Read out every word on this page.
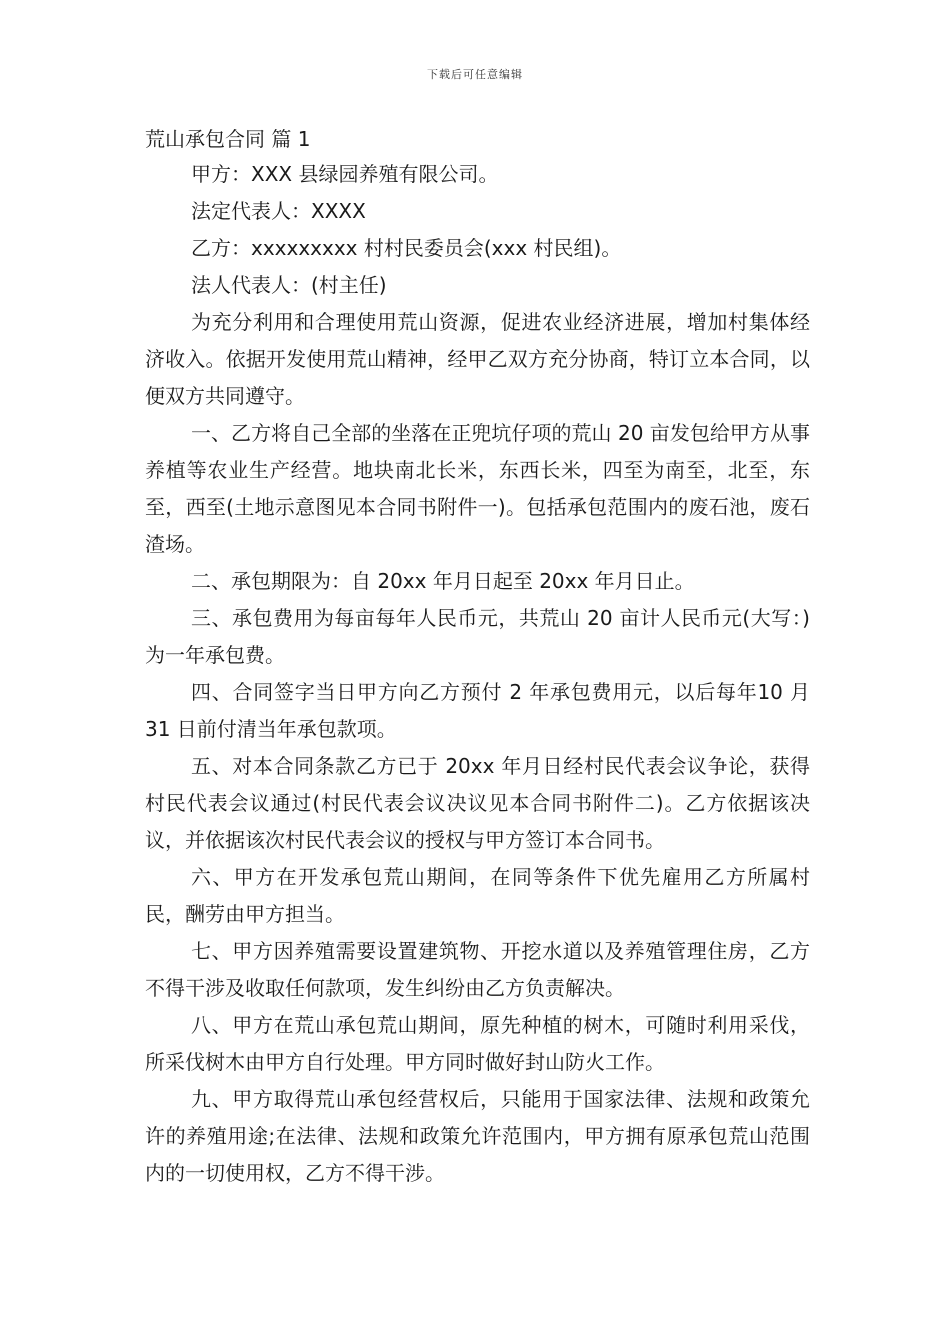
下载后可任意编辑

荒山承包合同 篇 1

甲方：XXX 县绿园养殖有限公司。

法定代表人：XXXX

乙方：xxxxxxxxx 村村民委员会(xxx 村民组)。

法人代表人：(村主任)

为充分利用和合理使用荒山资源，促进农业经济进展，增加村集体经济收入。依据开发使用荒山精神，经甲乙双方充分协商，特订立本合同，以便双方共同遵守。

一、乙方将自己全部的坐落在正兜坑仔项的荒山 20 亩发包给甲方从事养植等农业生产经营。地块南北长米，东西长米，四至为南至，北至，东至，西至(土地示意图见本合同书附件一)。包括承包范围内的废石池，废石渣场。

二、承包期限为：自 20xx 年月日起至 20xx 年月日止。

三、承包费用为每亩每年人民币元，共荒山 20 亩计人民币元(大写：)为一年承包费。

四、合同签字当日甲方向乙方预付 2 年承包费用元，以后每年10 月 31 日前付清当年承包款项。

五、对本合同条款乙方已于 20xx 年月日经村民代表会议争论，获得村民代表会议通过(村民代表会议决议见本合同书附件二)。乙方依据该决议，并依据该次村民代表会议的授权与甲方签订本合同书。

六、甲方在开发承包荒山期间，在同等条件下优先雇用乙方所属村民，酬劳由甲方担当。

七、甲方因养殖需要设置建筑物、开挖水道以及养殖管理住房，乙方不得干涉及收取任何款项，发生纠纷由乙方负责解决。

八、甲方在荒山承包荒山期间，原先种植的树木，可随时利用采伐，所采伐树木由甲方自行处理。甲方同时做好封山防火工作。

九、甲方取得荒山承包经营权后，只能用于国家法律、法规和政策允许的养殖用途;在法律、法规和政策允许范围内，甲方拥有原承包荒山范围内的一切使用权，乙方不得干涉。
